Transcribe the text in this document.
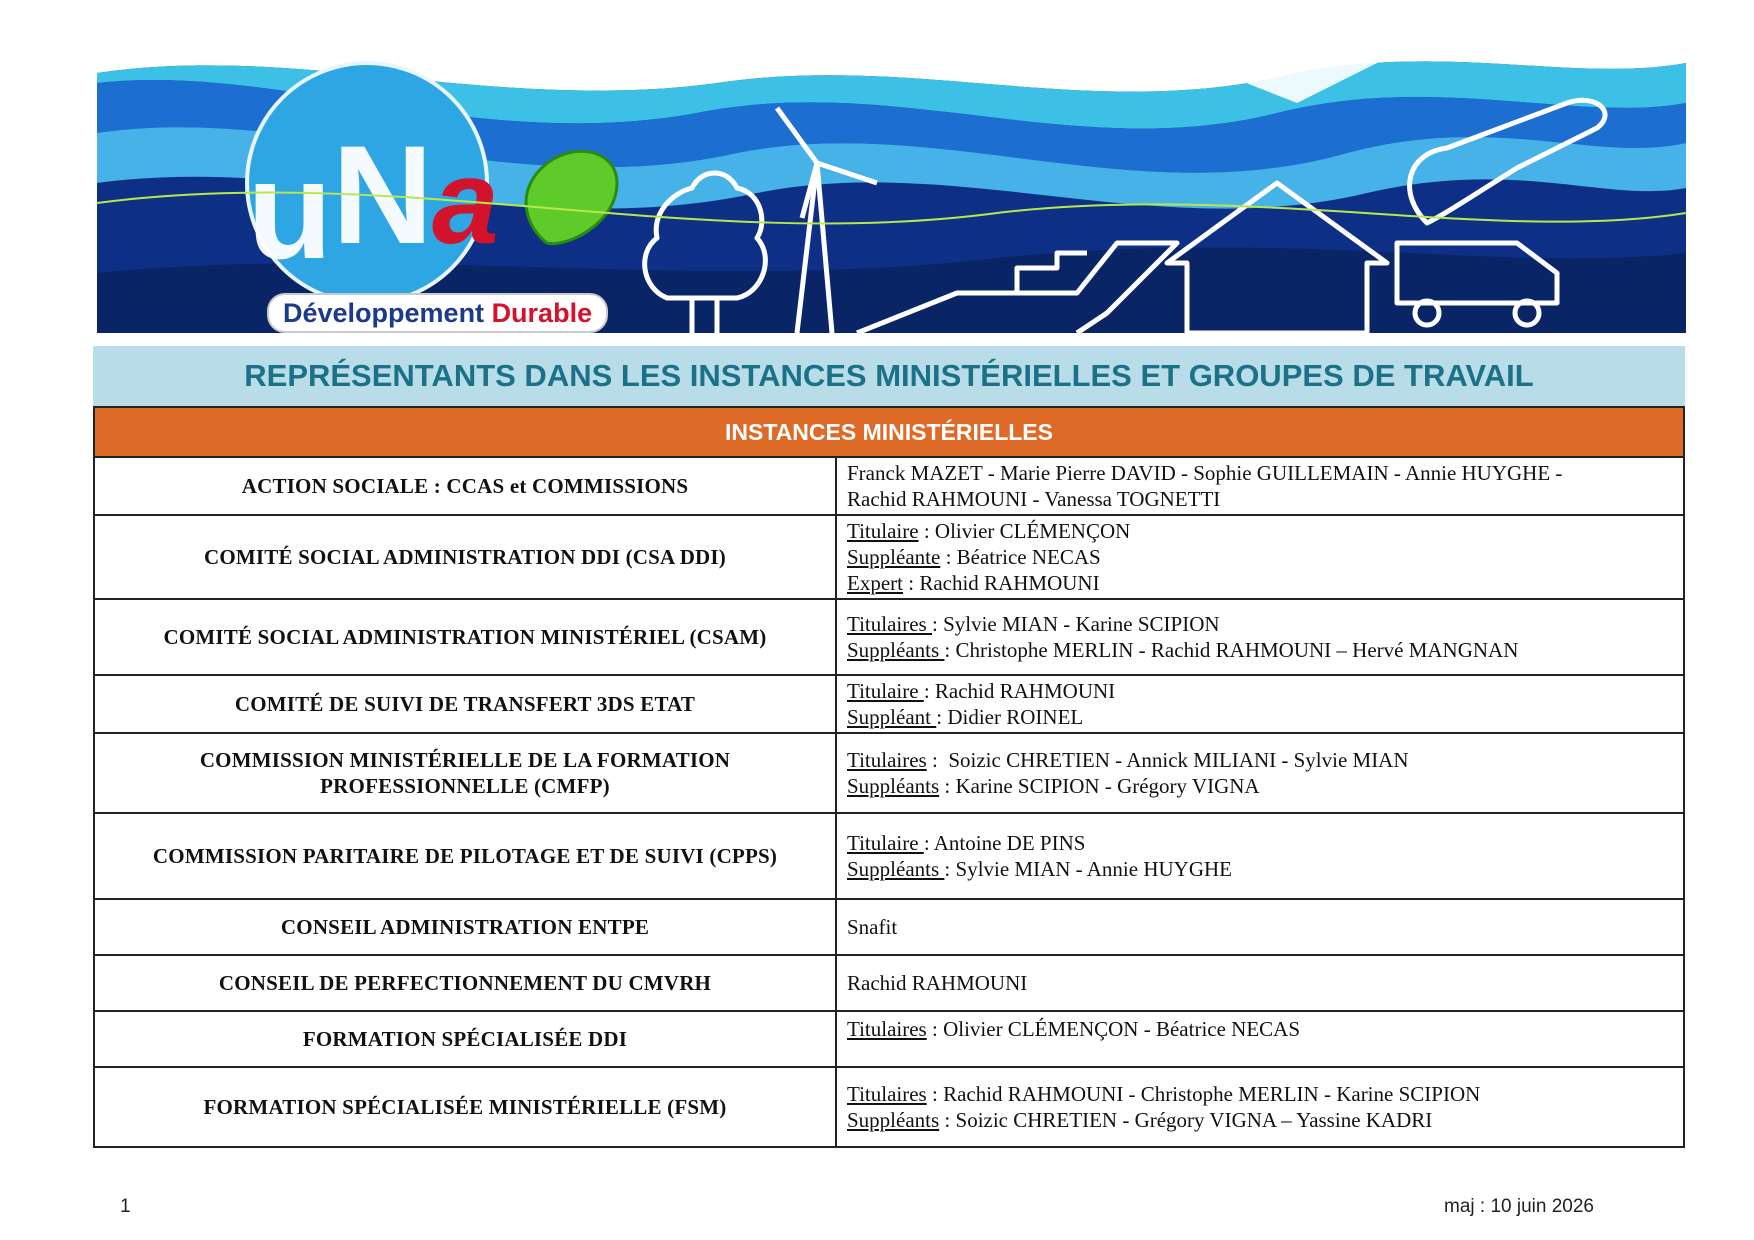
u N
a
Développement Durable
REPRÉSENTANTS DANS LES INSTANCES MINISTÉRIELLES ET GROUPES DE TRAVAIL
INSTANCES MINISTÉRIELLES	
ACTION SOCIALE : CCAS et COMMISSIONS	Franck MAZET - Marie Pierre DAVID - Sophie GUILLEMAIN - Annie HUYGHE -
Rachid RAHMOUNI - Vanessa TOGNETTI

COMITÉ SOCIAL ADMINISTRATION DDI (CSA DDI)	Titulaire : Olivier CLÉMENÇON
Suppléante : Béatrice NECAS
Expert : Rachid RAHMOUNI

COMITÉ SOCIAL ADMINISTRATION MINISTÉRIEL (CSAM)	Titulaires : Sylvie MIAN - Karine SCIPION
Suppléants : Christophe MERLIN - Rachid RAHMOUNI – Hervé MANGNAN

COMITÉ DE SUIVI DE TRANSFERT 3DS ETAT	Titulaire : Rachid RAHMOUNI
Suppléant : Didier ROINEL

COMMISSION MINISTÉRIELLE DE LA FORMATION
PROFESSIONNELLE (CMFP)	Titulaires :  Soizic CHRETIEN - Annick MILIANI - Sylvie MIAN
Suppléants : Karine SCIPION - Grégory VIGNA

COMMISSION PARITAIRE DE PILOTAGE ET DE SUIVI (CPPS)	Titulaire : Antoine DE PINS
Suppléants : Sylvie MIAN - Annie HUYGHE

CONSEIL ADMINISTRATION ENTPE	Snafit
CONSEIL DE PERFECTIONNEMENT DU CMVRH	Rachid RAHMOUNI
FORMATION SPÉCIALISÉE DDI	Titulaires : Olivier CLÉMENÇON - Béatrice NECAS

FORMATION SPÉCIALISÉE MINISTÉRIELLE (FSM)	Titulaires : Rachid RAHMOUNI - Christophe MERLIN - Karine SCIPION
Suppléants : Soizic CHRETIEN - Grégory VIGNA – Yassine KADRI
1	maj : 10 juin 2026
